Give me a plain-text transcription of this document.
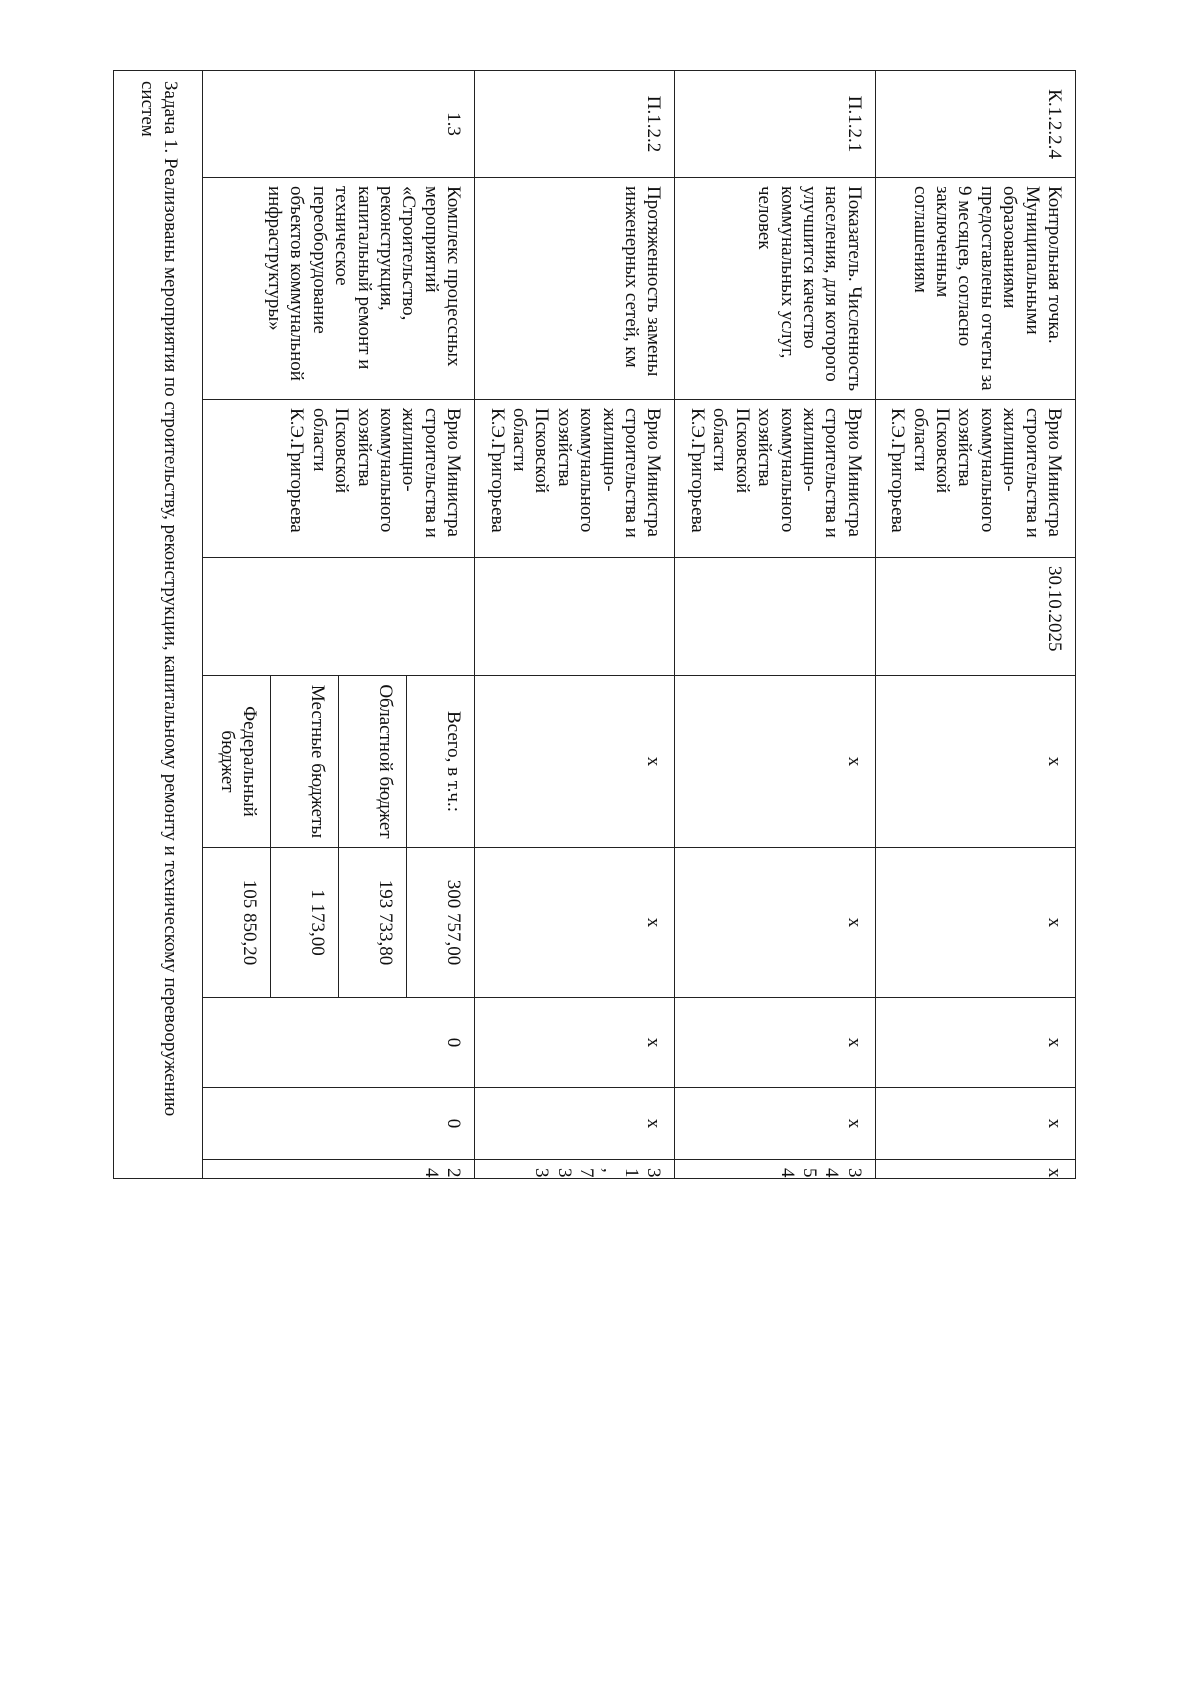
К.1.2.2.4	Контрольная точка. Муниципальными образованиями предоставлены отчеты за 9 месяцев, согласно заключенным соглашениям	Врио Министра строительства и жилищно-коммунального хозяйства Псковской области К.Э.Григорьева	30.10.2025	х	х	х	х	х
П.1.2.1	Показатель. Численность населения, для которого улучшится качество коммунальных услуг, человек	Врио Министра строительства и жилищно-коммунального хозяйства Псковской области К.Э.Григорьева		х	х	х	х	3454
П.1.2.2	Протяженность замены инженерных сетей, км	Врио Министра строительства и жилищно-коммунального хозяйства Псковской области К.Э.Григорьева		х	х	х	х	31,733
1.3	Комплекс процессных мероприятий «Строительство, реконструкция, капитальный ремонт и техническое переоборудование объектов коммунальной инфраструктуры»	Врио Министра строительства и жилищно-коммунального хозяйства Псковской области К.Э.Григорьева		Всего, в т.ч.:	300 757,00	0	0	24
				Областной бюджет	193 733,80			
				Местные бюджеты	1 173,00			
				Федеральный бюджет	105 850,20			
Задача 1. Реализованы мероприятия по строительству, реконструкции, капитальному ремонту и техническому перевооружению систем								
